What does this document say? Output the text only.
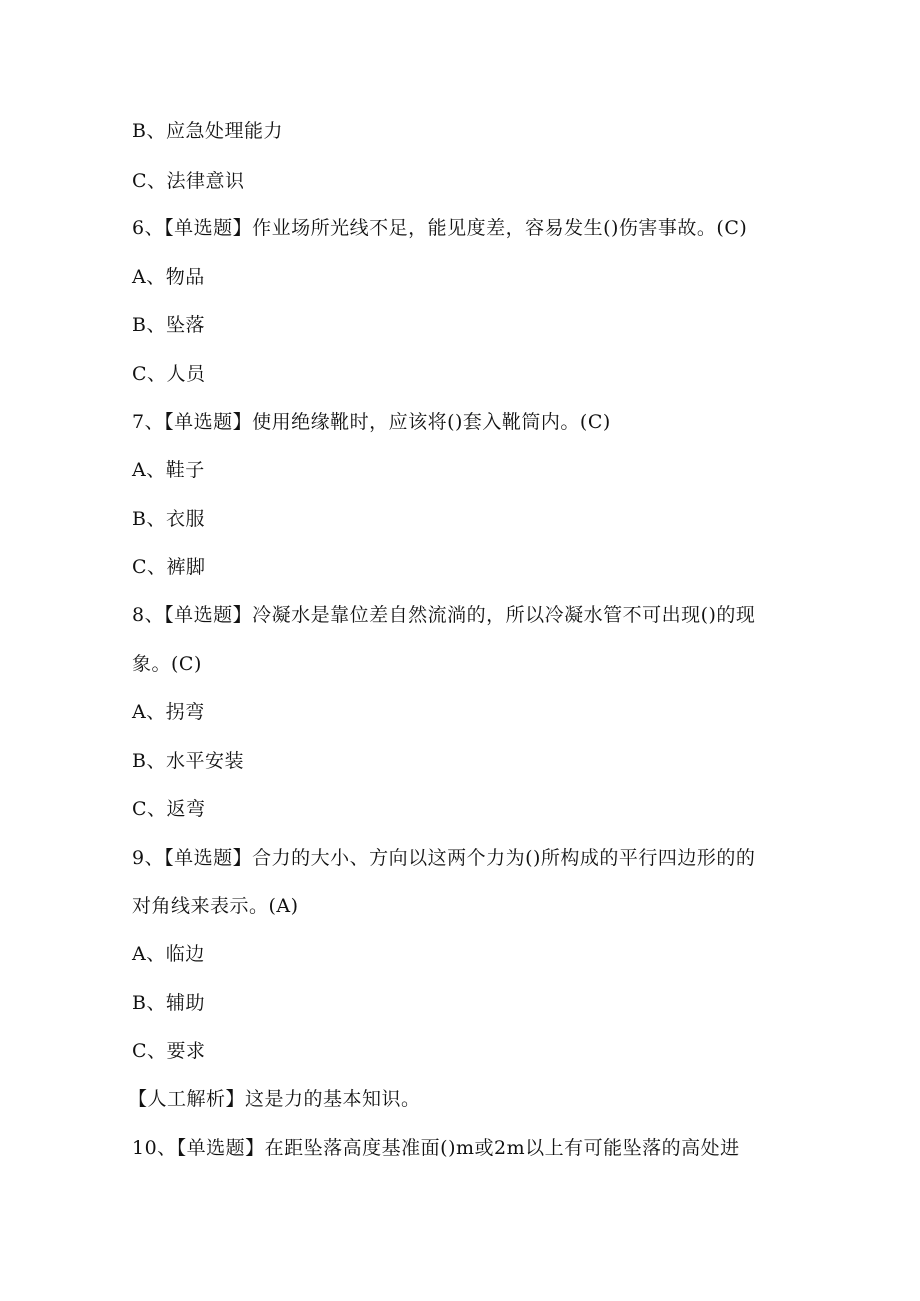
B、应急处理能力
C、法律意识
6、【单选题】作业场所光线不足，能见度差，容易发生()伤害事故。(C)
A、物品
B、坠落
C、人员
7、【单选题】使用绝缘靴时，应该将()套入靴筒内。(C)
A、鞋子
B、衣服
C、裤脚
8、【单选题】冷凝水是靠位差自然流淌的，所以冷凝水管不可出现()的现
象。(C)
A、拐弯
B、水平安装
C、返弯
9、【单选题】合力的大小、方向以这两个力为()所构成的平行四边形的的
对角线来表示。(A)
A、临边
B、辅助
C、要求
【人工解析】这是力的基本知识。
10、【单选题】在距坠落高度基准面()m或2m以上有可能坠落的高处进
